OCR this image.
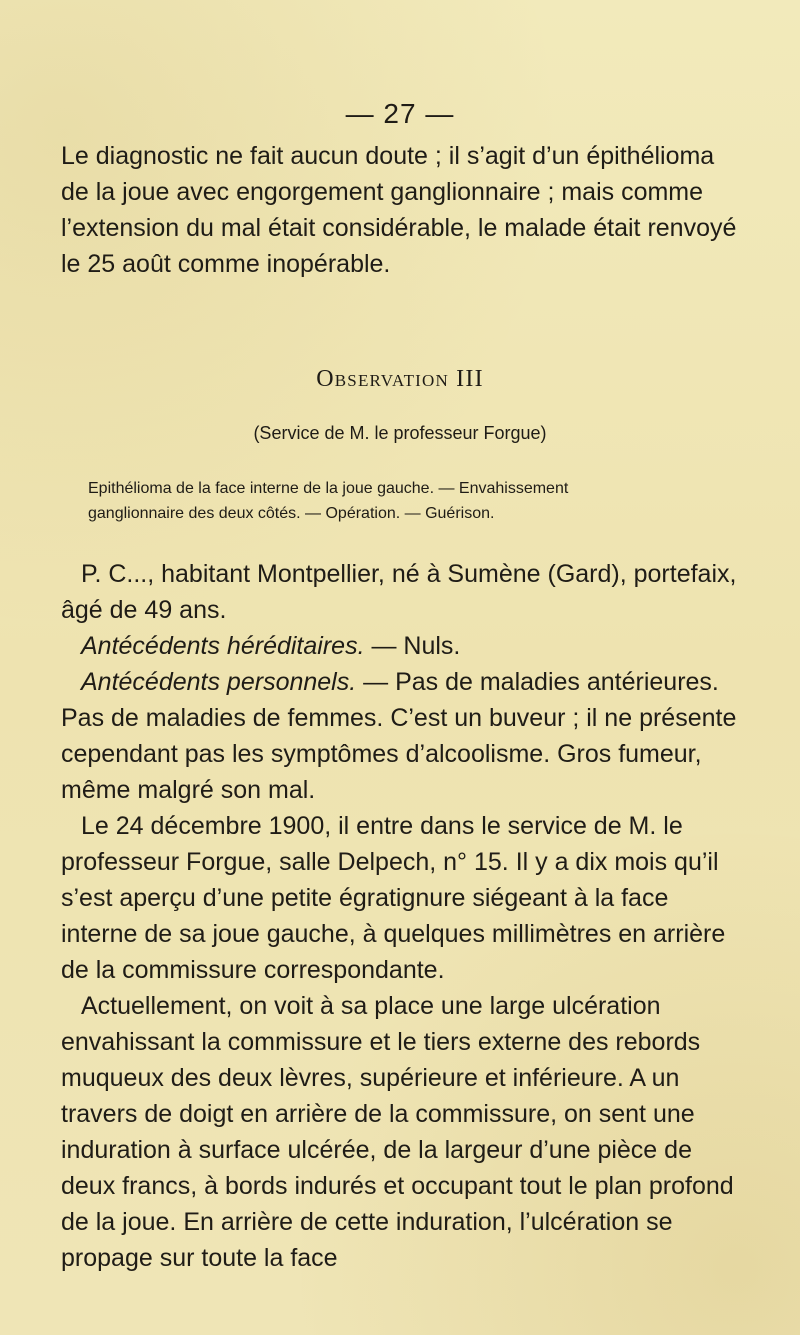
— 27 —

Le diagnostic ne fait aucun doute ; il s’agit d’un épithélioma de la joue avec engorgement ganglionnaire ; mais comme l’extension du mal était considérable, le malade était renvoyé le 25 août comme inopérable.

Observation III

(Service de M. le professeur Forgue)

Epithélioma de la face interne de la joue gauche. — Envahissement
ganglionnaire des deux côtés. — Opération. — Guérison.

P. C..., habitant Montpellier, né à Sumène (Gard), portefaix, âgé de 49 ans.

Antécédents héréditaires. — Nuls.

Antécédents personnels. — Pas de maladies antérieures. Pas de maladies de femmes. C’est un buveur ; il ne présente cependant pas les symptômes d’alcoolisme. Gros fumeur, même malgré son mal.

Le 24 décembre 1900, il entre dans le service de M. le professeur Forgue, salle Delpech, n° 15. Il y a dix mois qu’il s’est aperçu d’une petite égratignure siégeant à la face interne de sa joue gauche, à quelques millimètres en arrière de la commissure correspondante.

Actuellement, on voit à sa place une large ulcération envahissant la commissure et le tiers externe des rebords muqueux des deux lèvres, supérieure et inférieure. A un travers de doigt en arrière de la commissure, on sent une induration à surface ulcérée, de la largeur d’une pièce de deux francs, à bords indurés et occupant tout le plan profond de la joue. En arrière de cette induration, l’ulcération se propage sur toute la face
